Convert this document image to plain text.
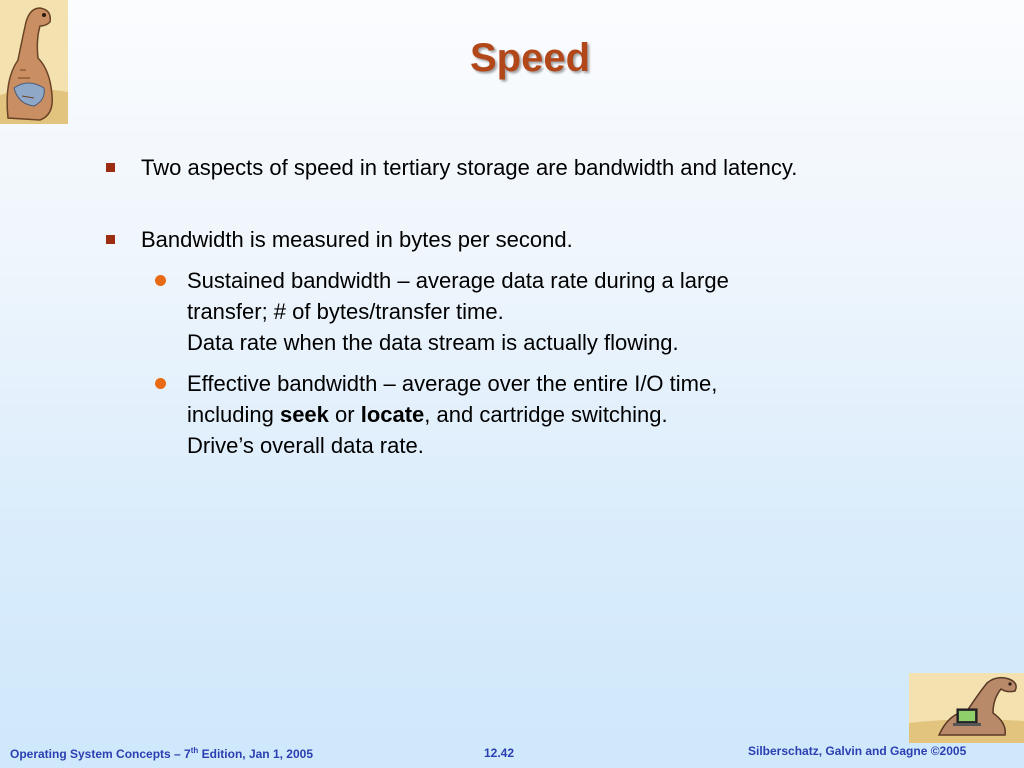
Speed
Two aspects of speed in tertiary storage are bandwidth and latency.
Bandwidth is measured in bytes per second.
Sustained bandwidth – average data rate during a large
transfer; # of bytes/transfer time.
Data rate when the data stream is actually flowing.
Effective bandwidth – average over the entire I/O time,
including seek or locate, and cartridge switching.
Drive’s overall data rate.
Operating System Concepts – 7th Edition, Jan 1, 2005	12.42	Silberschatz, Galvin and Gagne ©2005
